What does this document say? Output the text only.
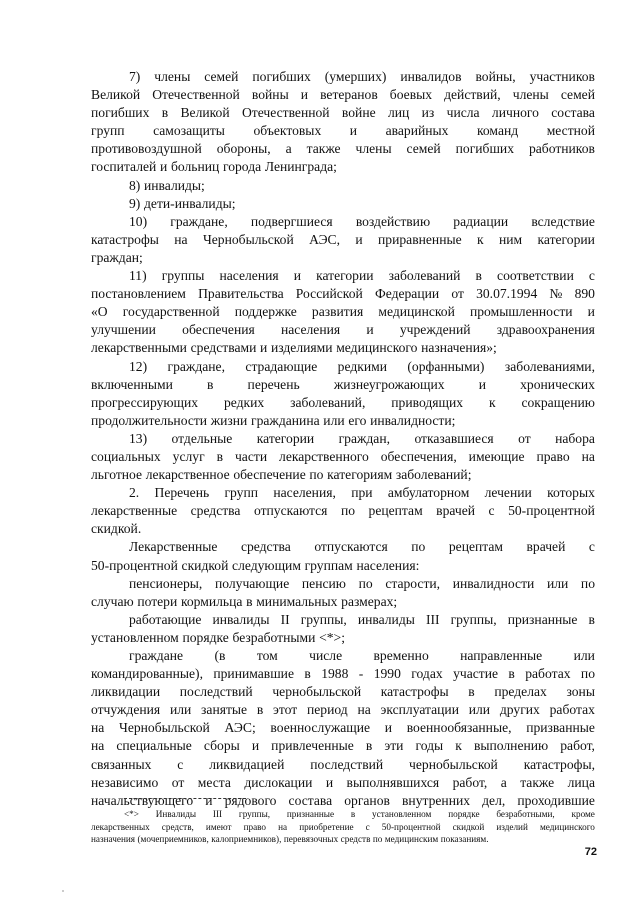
7) члены семей погибших (умерших) инвалидов войны, участников
Великой Отечественной войны и ветеранов боевых действий, члены семей
погибших в Великой Отечественной войне лиц из числа личного состава
групп самозащиты объектовых и аварийных команд местной
противовоздушной обороны, а также члены семей погибших работников
госпиталей и больниц города Ленинграда;
8) инвалиды;
9) дети-инвалиды;
10) граждане, подвергшиеся воздействию радиации вследствие
катастрофы на Чернобыльской АЭС, и приравненные к ним категории
граждан;
11) группы населения и категории заболеваний в соответствии с
постановлением Правительства Российской Федерации от 30.07.1994 № 890
«О государственной поддержке развития медицинской промышленности и
улучшении обеспечения населения и учреждений здравоохранения
лекарственными средствами и изделиями медицинского назначения»;
12) граждане, страдающие редкими (орфанными) заболеваниями,
включенными	в	перечень	жизнеугрожающих	и	хронических
прогрессирующих редких заболеваний, приводящих к сокращению
продолжительности жизни гражданина или его инвалидности;
13) отдельные категории граждан, отказавшиеся от набора
социальных услуг в части лекарственного обеспечения, имеющие право на
льготное лекарственное обеспечение по категориям заболеваний;
2. Перечень групп населения, при амбулаторном лечении которых
лекарственные средства отпускаются по рецептам врачей с 50-процентной
скидкой.
Лекарственные средства отпускаются по рецептам врачей с
50-процентной скидкой следующим группам населения:
пенсионеры, получающие пенсию по старости, инвалидности или по
случаю потери кормильца в минимальных размерах;
работающие инвалиды II группы, инвалиды III группы, признанные в
установленном порядке безработными <*>;
граждане (в том числе временно направленные или
командированные), принимавшие в 1988 - 1990 годах участие в работах по
ликвидации последствий чернобыльской катастрофы в пределах зоны
отчуждения или занятые в этот период на эксплуатации или других работах
на Чернобыльской АЭС; военнослужащие и военнообязанные, призванные
на специальные сборы и привлеченные в эти годы к выполнению работ,
связанных с ликвидацией последствий чернобыльской катастрофы,
независимо от места дислокации и выполнявшихся работ, а также лица
начальствующего и рядового состава органов внутренних дел, проходившие
<*> Инвалиды III группы, признанные в установленном порядке безработными, кроме
лекарственных средств, имеют право на приобретение с 50-процентной скидкой изделий медицинского
назначения (мочеприемников, калоприемников), перевязочных средств по медицинским показаниям.
72
